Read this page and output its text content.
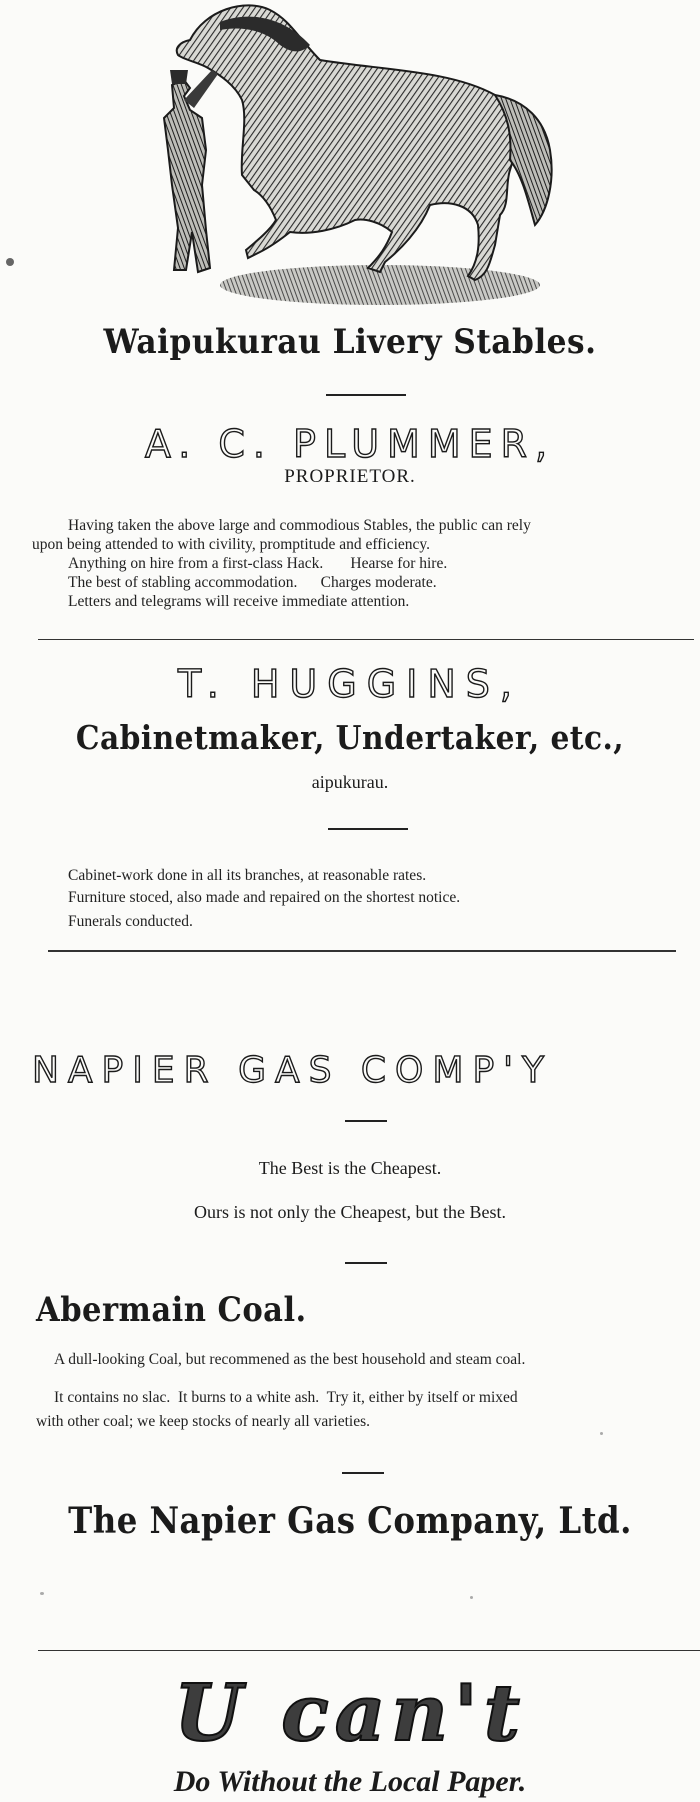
Waipukurau Livery Stables.
A. C. PLUMMER,
PROPRIETOR.
Having taken the above large and commodious Stables, the public can rely
upon being attended to with civility, promptitude and efficiency.
Anything on hire from a first-class Hack.       Hearse for hire.
The best of stabling accommodation.      Charges moderate.
Letters and telegrams will receive immediate attention.
T. HUGGINS,
Cabinetmaker, Undertaker, etc.,
aipukurau.
Cabinet-work done in all its branches, at reasonable rates.
Furniture stoced, also made and repaired on the shortest notice.
Funerals conducted.
NAPIER GAS COMP'Y
The Best is the Cheapest.
Ours is not only the Cheapest, but the Best.
Abermain Coal.
A dull-looking Coal, but recommened as the best household and steam coal.
It contains no slac.  It burns to a white ash.  Try it, either by itself or mixed
with other coal; we keep stocks of nearly all varieties.
The Napier Gas Company, Ltd.
U can't
Do Without the Local Paper.
